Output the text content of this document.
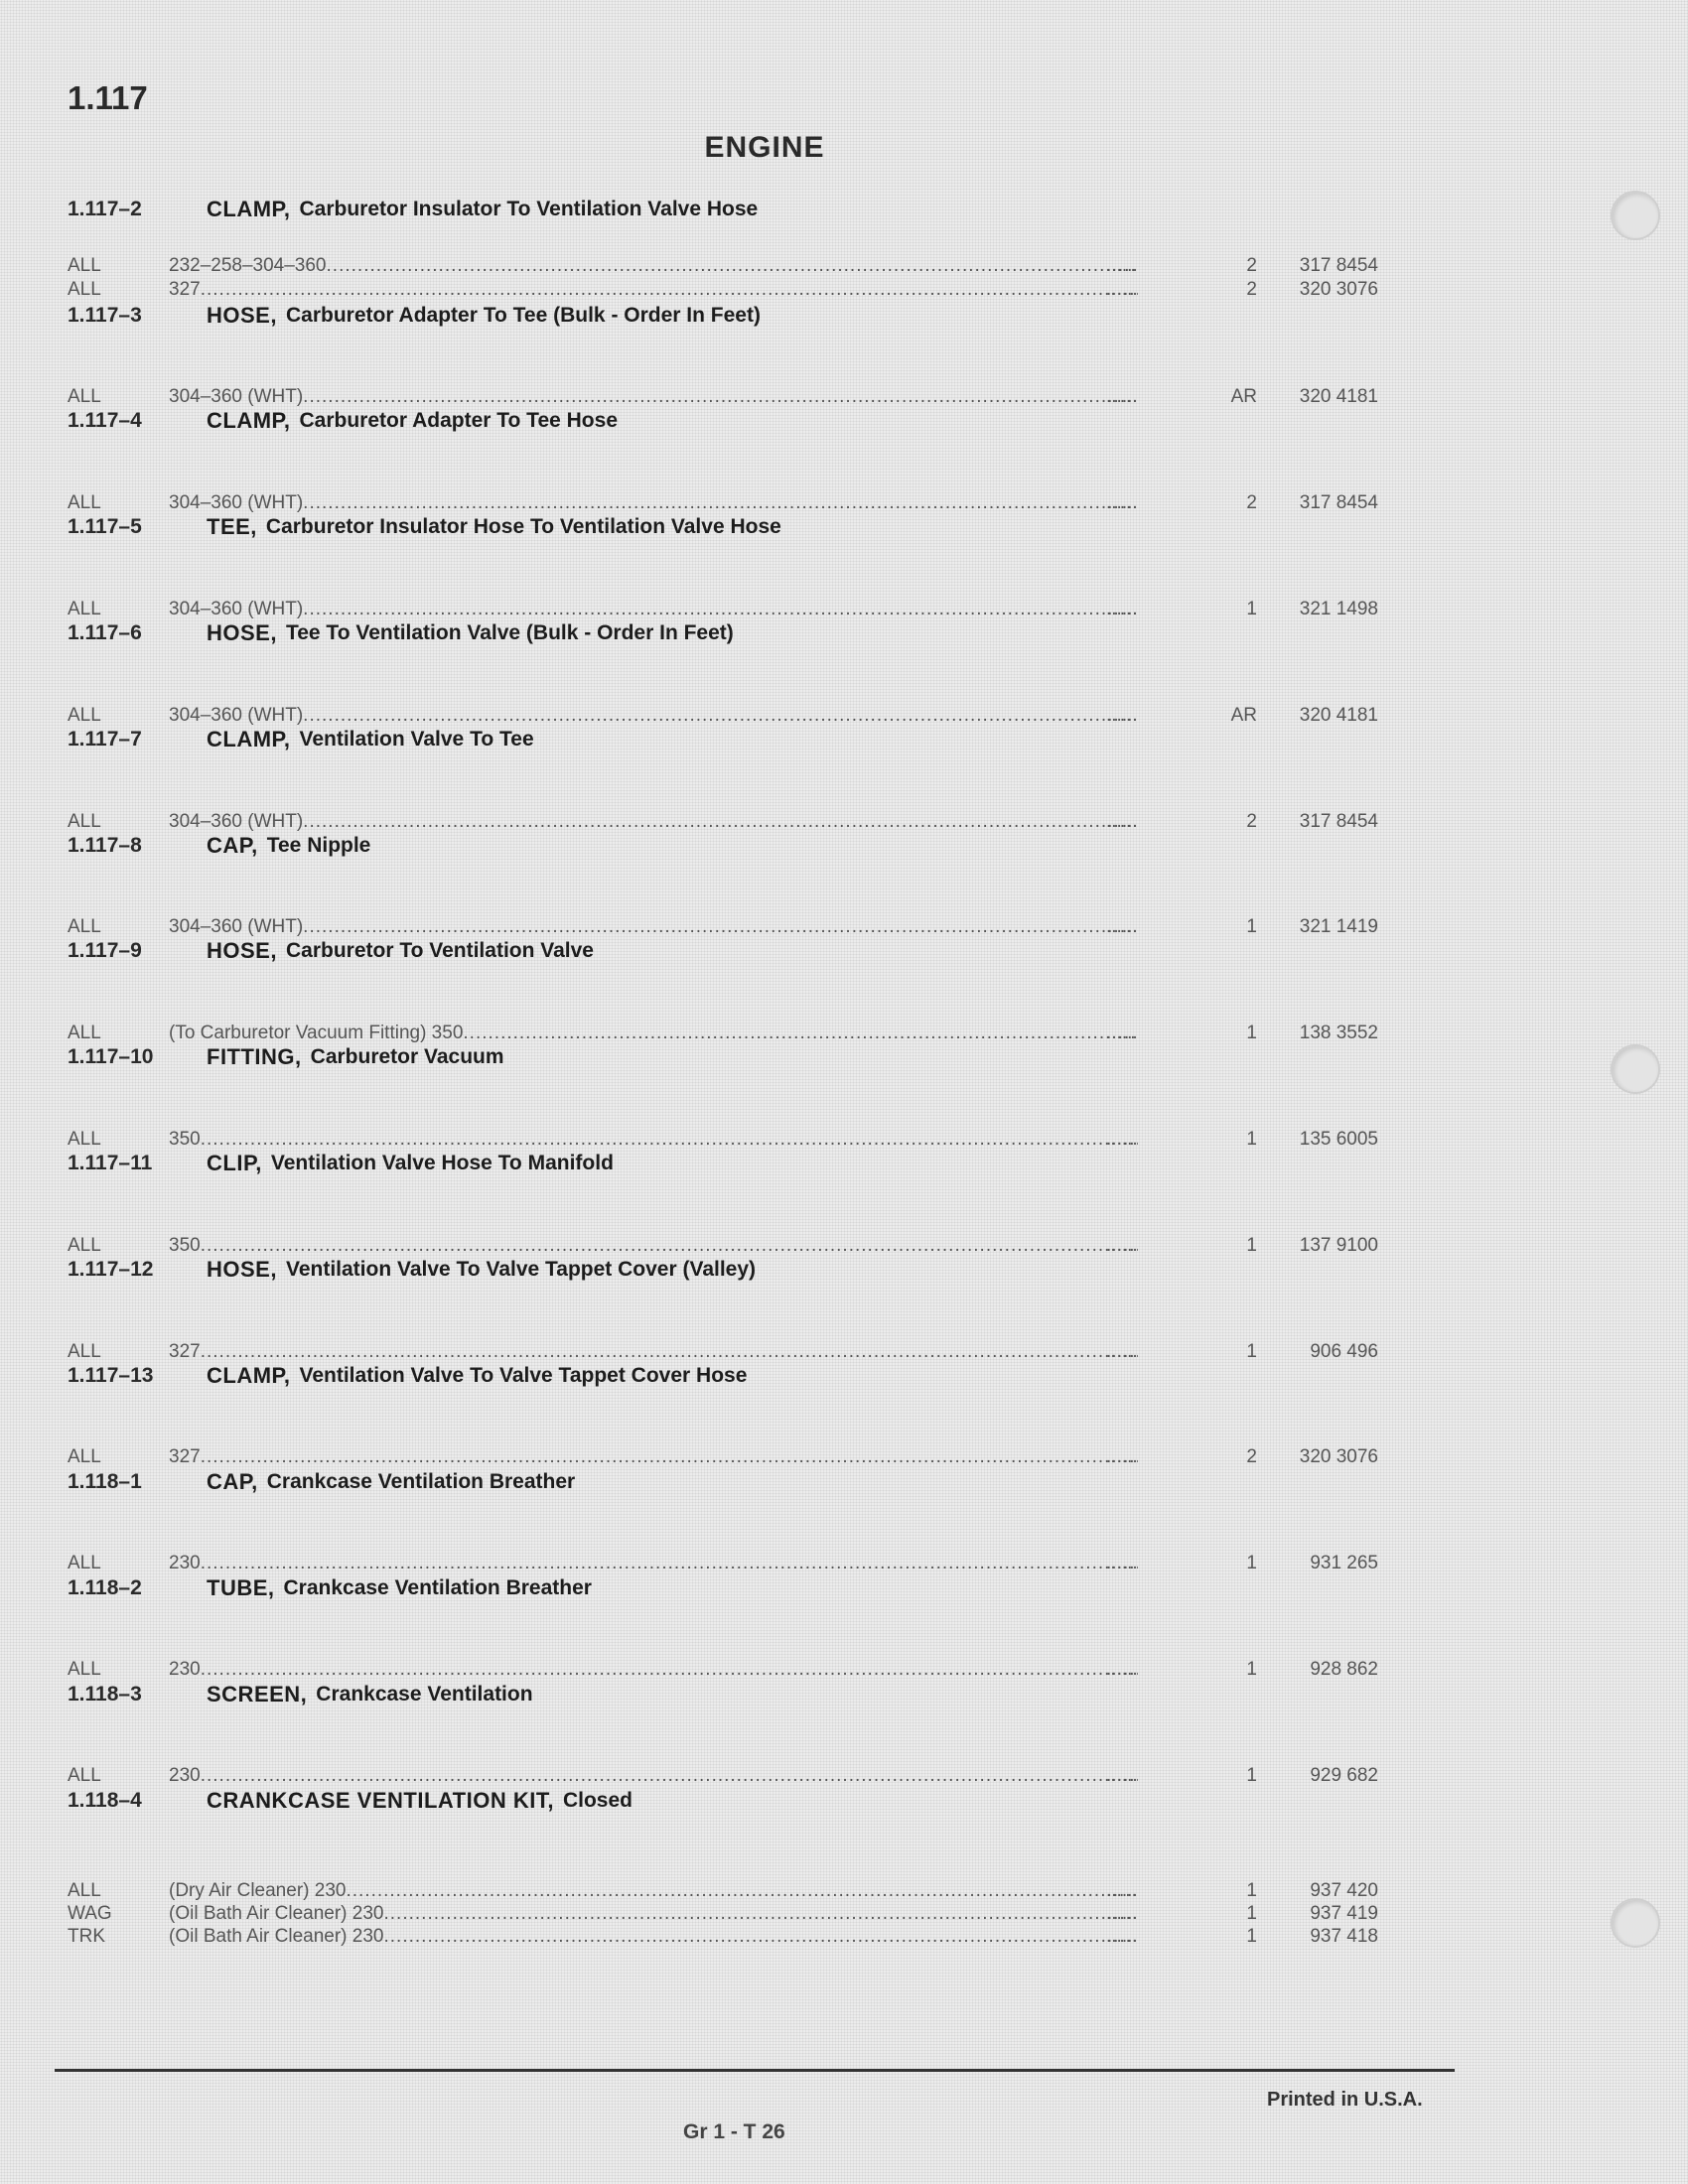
1.117
ENGINE
1.117–2	CLAMP, Carburetor Insulator To Ventilation Valve Hose
ALL	232–258–304–360 .....	......	2	317 8454
ALL	327 .....	......	2	320 3076
1.117–3	HOSE, Carburetor Adapter To Tee (Bulk - Order In Feet)
ALL	304–360 (WHT) .....	......	AR	320 4181
1.117–4	CLAMP, Carburetor Adapter To Tee Hose
ALL	304–360 (WHT) .....	......	2	317 8454
1.117–5	TEE, Carburetor Insulator Hose To Ventilation Valve Hose
ALL	304–360 (WHT) .....	......	1	321 1498
1.117–6	HOSE, Tee To Ventilation Valve (Bulk - Order In Feet)
ALL	304–360 (WHT) .....	......	AR	320 4181
1.117–7	CLAMP, Ventilation Valve To Tee
ALL	304–360 (WHT) .....	......	2	317 8454
1.117–8	CAP, Tee Nipple
ALL	304–360 (WHT) .....	......	1	321 1419
1.117–9	HOSE, Carburetor To Ventilation Valve
ALL	(To Carburetor Vacuum Fitting) 350 .....	......	1	138 3552
1.117–10	FITTING, Carburetor Vacuum
ALL	350 .....	......	1	135 6005
1.117–11	CLIP, Ventilation Valve Hose To Manifold
ALL	350 .....	......	1	137 9100
1.117–12	HOSE, Ventilation Valve To Valve Tappet Cover (Valley)
ALL	327 .....	......	1	906 496
1.117–13	CLAMP, Ventilation Valve To Valve Tappet Cover Hose
ALL	327 .....	......	2	320 3076
1.118–1	CAP, Crankcase Ventilation Breather
ALL	230 .....	......	1	931 265
1.118–2	TUBE, Crankcase Ventilation Breather
ALL	230 .....	......	1	928 862
1.118–3	SCREEN, Crankcase Ventilation
ALL	230 .....	......	1	929 682
1.118–4	CRANKCASE VENTILATION KIT, Closed
ALL	(Dry Air Cleaner) 230 .....	......	1	937 420
WAG	(Oil Bath Air Cleaner) 230 .....	......	1	937 419
TRK	(Oil Bath Air Cleaner) 230 .....	......	1	937 418
Printed in U.S.A.
Gr 1 - T 26
